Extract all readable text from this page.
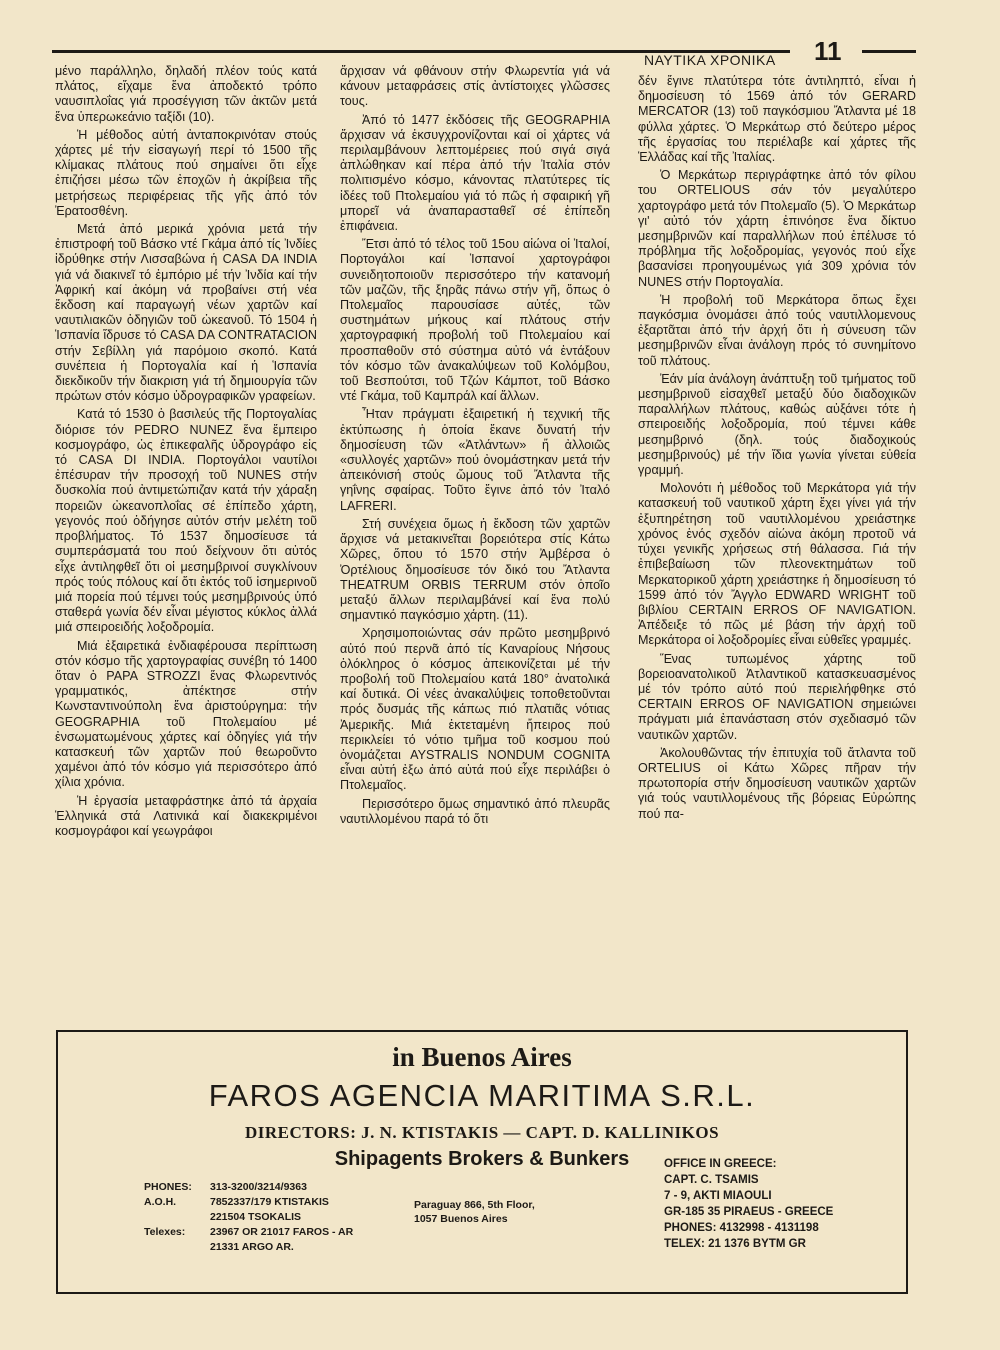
ΝΑΥΤΙΚΑ ΧΡΟΝΙΚΑ 11

μένο παράλληλο, δηλαδή πλέον τούς κατά πλάτος, εἴχαμε ἕνα ἀποδεκτό τρόπο ναυσιπλοΐας γιά προσέγγιση τῶν ἀκτῶν μετά ἕνα ὑπερωκεάνιο ταξίδι (10).

Ἡ μέθοδος αὐτή ἀνταποκρινόταν στούς χάρτες μέ τήν εἰσαγωγή περί τό 1500 τῆς κλίμακας πλάτους πού σημαίνει ὅτι εἶχε ἐπιζήσει μέσω τῶν ἐποχῶν ἡ ἀκρίβεια τῆς μετρήσεως περιφέρειας τῆς γῆς ἀπό τόν Ἐρατοσθένη.

Μετά ἀπό μερικά χρόνια μετά τήν ἐπιστροφή τοῦ Βάσκο ντέ Γκάμα ἀπό τίς Ἰνδίες ἱδρύθηκε στήν Λισσαβώνα ἡ CASA DA INDIA γιά νά διακινεῖ τό ἐμπόριο μέ τήν Ἰνδία καί τήν Ἀφρική καί ἀκόμη νά προβαίνει στή νέα ἔκδοση καί παραγωγή νέων χαρτῶν καί ναυτιλιακῶν ὁδηγιῶν τοῦ ὠκεανοῦ. Τό 1504 ἡ Ἱσπανία ἵδρυσε τό CASA DA CONTRATACION στήν Σεβίλλη γιά παρόμοιο σκοπό. Κατά συνέπεια ἡ Πορτογαλία καί ἡ Ἱσπανία διεκδικοῦν τήν διακριση γιά τή δημιουργία τῶν πρώτων στόν κόσμο ὑδρογραφικῶν γραφείων.

Κατά τό 1530 ὁ βασιλεύς τῆς Πορτογαλίας διόρισε τόν PEDRO NUNEZ ἕνα ἔμπειρο κοσμογράφο, ὡς ἐπικεφαλῆς ὑδρογράφο εἰς τό CASA DI INDIA. Πορτογάλοι ναυτίλοι ἐπέσυραν τήν προσοχή τοῦ NUNES στήν δυσκολία πού ἀντιμετώπιζαν κατά τήν χάραξη πορειῶν ὠκεανοπλοΐας σέ ἐπίπεδο χάρτη, γεγονός πού ὁδήγησε αὐτόν στήν μελέτη τοῦ προβλήματος. Τό 1537 δημοσίευσε τά συμπεράσματά του πού δείχνουν ὅτι αὐτός εἶχε ἀντιληφθεῖ ὅτι οἱ μεσημβρινοί συγκλίνουν πρός τούς πόλους καί ὅτι ἐκτός τοῦ ἰσημερινοῦ μιά πορεία πού τέμνει τούς μεσημβρινούς ὑπό σταθερά γωνία δέν εἶναι μέγιστος κύκλος ἀλλά μιά σπειροειδής λοξοδρομία.

Μιά ἐξαιρετικά ἐνδιαφέρουσα περίπτωση στόν κόσμο τῆς χαρτογραφίας συνέβη τό 1400 ὅταν ὁ PAPA STROZZI ἕνας Φλωρεντινός γραμματικός, ἀπέκτησε στήν Κωνσταντινούπολη ἕνα ἀριστούργημα: τήν GEOGRAPHIA τοῦ Πτολεμαίου μέ ἐνσωματωμένους χάρτες καί ὁδηγίες γιά τήν κατασκευή τῶν χαρτῶν πού θεωροῦντο χαμένοι ἀπό τόν κόσμο γιά περισσότερο ἀπό χίλια χρόνια.

Ἡ ἐργασία μεταφράστηκε ἀπό τά ἀρχαία Ἑλληνικά στά Λατινικά καί διακεκριμένοι κοσμογράφοι καί γεωγράφοι

ἄρχισαν νά φθάνουν στήν Φλωρεντία γιά νά κάνουν μεταφράσεις στίς ἀντίστοιχες γλῶσσες τους.

Ἀπό τό 1477 ἐκδόσεις τῆς GEOGRAPHIA ἄρχισαν νά ἐκσυγχρονίζονται καί οἱ χάρτες νά περιλαμβάνουν λεπτομέρειες πού σιγά σιγά ἀπλώθηκαν καί πέρα ἀπό τήν Ἰταλία στόν πολιτισμένο κόσμο, κάνοντας πλατύτερες τίς ἰδέες τοῦ Πτολεμαίου γιά τό πῶς ἡ σφαιρική γῆ μπορεῖ νά ἀναπαρασταθεῖ σέ ἐπίπεδη ἐπιφάνεια.

Ἔτσι ἀπό τό τέλος τοῦ 15ου αἰώνα οἱ Ἰταλοί, Πορτογάλοι καί Ἱσπανοί χαρτογράφοι συνειδητοποιοῦν περισσότερο τήν κατανομή τῶν μαζῶν, τῆς ξηρᾶς πάνω στήν γῆ, ὅπως ὁ Πτολεμαῖος παρουσίασε αὐτές, τῶν συστημάτων μήκους καί πλάτους στήν χαρτογραφική προβολή τοῦ Πτολεμαίου καί προσπαθοῦν στό σύστημα αὐτό νά ἐντάξουν τόν κόσμο τῶν ἀνακαλύψεων τοῦ Κολόμβου, τοῦ Βεσπούτσι, τοῦ Τζών Κάμποτ, τοῦ Βάσκο ντέ Γκάμα, τοῦ Καμπράλ καί ἄλλων.

Ἦταν πράγματι ἐξαιρετική ἡ τεχνική τῆς ἐκτύπωσης ἡ ὁποία ἔκανε δυνατή τήν δημοσίευση τῶν «Ἀτλάντων» ἤ ἀλλοιῶς «συλλογές χαρτῶν» πού ὀνομάστηκαν μετά τήν ἀπεικόνισή στούς ὤμους τοῦ Ἄτλαντα τῆς γηΐνης σφαίρας. Τοῦτο ἔγινε ἀπό τόν Ἰταλό LAFRERI.

Στή συνέχεια ὅμως ἡ ἔκδοση τῶν χαρτῶν ἄρχισε νά μετακινεῖται βορειότερα στίς Κάτω Χῶρες, ὅπου τό 1570 στήν Ἀμβέρσα ὁ Ὀρτέλιους δημοσίευσε τόν δικό του Ἄτλαντα THEATRUM ORBIS TERRUM στόν ὁποῖο μεταξύ ἄλλων περιλαμβάνεί καί ἕνα πολύ σημαντικό παγκόσμιο χάρτη. (11).

Χρησιμοποιώντας σάν πρῶτο μεσημβρινό αὐτό πού περνᾶ ἀπό τίς Καναρίους Νήσους ὁλόκληρος ὁ κόσμος ἀπεικονίζεται μέ τήν προβολή τοῦ Πτολεμαίου κατά 180° ἀνατολικά καί δυτικά. Οἱ νέες ἀνακαλύψεις τοποθετοῦνται πρός δυσμάς τῆς κάπως πιό πλατιᾶς νότιας Ἀμερικῆς. Μιά ἐκτεταμένη ἤπειρος πού περικλείει τό νότιο τμῆμα τοῦ κοσμου πού ὀνομάζεται AYSTRALIS NONDUM COGNITA εἶναι αὐτή ἐξω ἀπό αὐτά πού εἶχε περιλάβει ὁ Πτολεμαῖος.

Περισσότερο ὅμως σημαντικό ἀπό πλευρᾶς ναυτιλλομένου παρά τό ὅτι

δέν ἔγινε πλατύτερα τότε ἀντιληπτό, εἶναι ἡ δημοσίευση τό 1569 ἀπό τόν GERARD MERCATOR (13) τοῦ παγκόσμιου Ἄτλαντα μέ 18 φύλλα χάρτες. Ὁ Μερκάτωρ στό δεύτερο μέρος τῆς ἐργασίας του περιέλαβε καί χάρτες τῆς Ἑλλάδας καί τῆς Ἰταλίας.

Ὁ Μερκάτωρ περιγράφτηκε ἀπό τόν φίλου του ORTELIOUS σάν τόν μεγαλύτερο χαρτογράφο μετά τόν Πτολεμαῖο (5). Ὁ Μερκάτωρ γι' αὐτό τόν χάρτη ἐπινόησε ἕνα δίκτυο μεσημβρινῶν καί παραλλήλων πού ἐπέλυσε τό πρόβλημα τῆς λοξοδρομίας, γεγονός πού εἶχε βασανίσει προηγουμένως γιά 309 χρόνια τόν NUNES στήν Πορτογαλία.

Ἡ προβολή τοῦ Μερκάτορα ὅπως ἔχει παγκόσμια ὀνομάσει ἀπό τούς ναυτιλλομενους ἐξαρτᾶται ἀπό τήν ἀρχή ὅτι ἡ σύνευση τῶν μεσημβρινῶν εἶναι ἀνάλογη πρός τό συνημίτονο τοῦ πλάτους.

Ἐάν μία ἀνάλογη ἀνάπτυξη τοῦ τμήματος τοῦ μεσημβρινοῦ εἰσαχθεῖ μεταξύ δύο διαδοχικῶν παραλλήλων πλάτους, καθώς αὐξάνει τότε ἡ σπειροειδής λοξοδρομία, πού τέμνει κάθε μεσημβρινό (δηλ. τούς διαδοχικούς μεσημβρινούς) μέ τήν ἴδια γωνία γίνεται εὐθεία γραμμή.

Μολονότι ἡ μέθοδος τοῦ Μερκάτορα γιά τήν κατασκευή τοῦ ναυτικοῦ χάρτη ἔχει γίνει γιά τήν ἐξυπηρέτηση τοῦ ναυτιλλομένου χρειάστηκε χρόνος ἑνός σχεδόν αἰώνα ἀκόμη προτοῦ νά τύχει γενικῆς χρήσεως στή θάλασσα. Γιά τήν ἐπιβεβαίωση τῶν πλεονεκτημάτων τοῦ Μερκατορικοῦ χάρτη χρειάστηκε ἡ δημοσίευση τό 1599 ἀπό τόν Ἄγγλο EDWARD WRIGHT τοῦ βιβλίου CERTAIN ERROS OF NAVIGATION. Ἀπέδειξε τό πῶς μέ βάση τήν ἀρχή τοῦ Μερκάτορα οἱ λοξοδρομίες εἶναι εὐθεῖες γραμμές.

Ἕνας τυπωμένος χάρτης τοῦ βορειοανατολικοῦ Ἀτλαντικοῦ κατασκευασμένος μέ τόν τρόπο αὐτό πού περιελήφθηκε στό CERTAIN ERROS OF NAVIGATION σημειώνει πράγματι μιά ἐπανάσταση στόν σχεδιασμό τῶν ναυτικῶν χαρτῶν.

Ἀκολουθῶντας τήν ἐπιτυχία τοῦ ἄτλαντα τοῦ ORTELIUS οἱ Κάτω Χῶρες πῆραν τήν πρωτοπορία στήν δημοσίευση ναυτικῶν χαρτῶν γιά τούς ναυτιλλομένους τῆς βόρειας Εὐρώπης πού πα-

in Buenos Aires
FAROS AGENCIA MARITIMA S.R.L.
DIRECTORS: J. N. KTISTAKIS — CAPT. D. KALLINIKOS
Shipagents Brokers & Bunkers
PHONES: 313-3200/3214/9363
A.O.H.	7852337/179 KTISTAKIS
221504 TSOKALIS
Telexes: 23967 OR 21017 FAROS - AR
21331 ARGO AR.
Paraguay 866, 5th Floor,
1057 Buenos Aires
OFFICE IN GREECE:
CAPT. C. TSAMIS
7 - 9, AKTI MIAOULI
GR-185 35 PIRAEUS - GREECE
PHONES: 4132998 - 4131198
TELEX: 21 1376 BYTM GR
